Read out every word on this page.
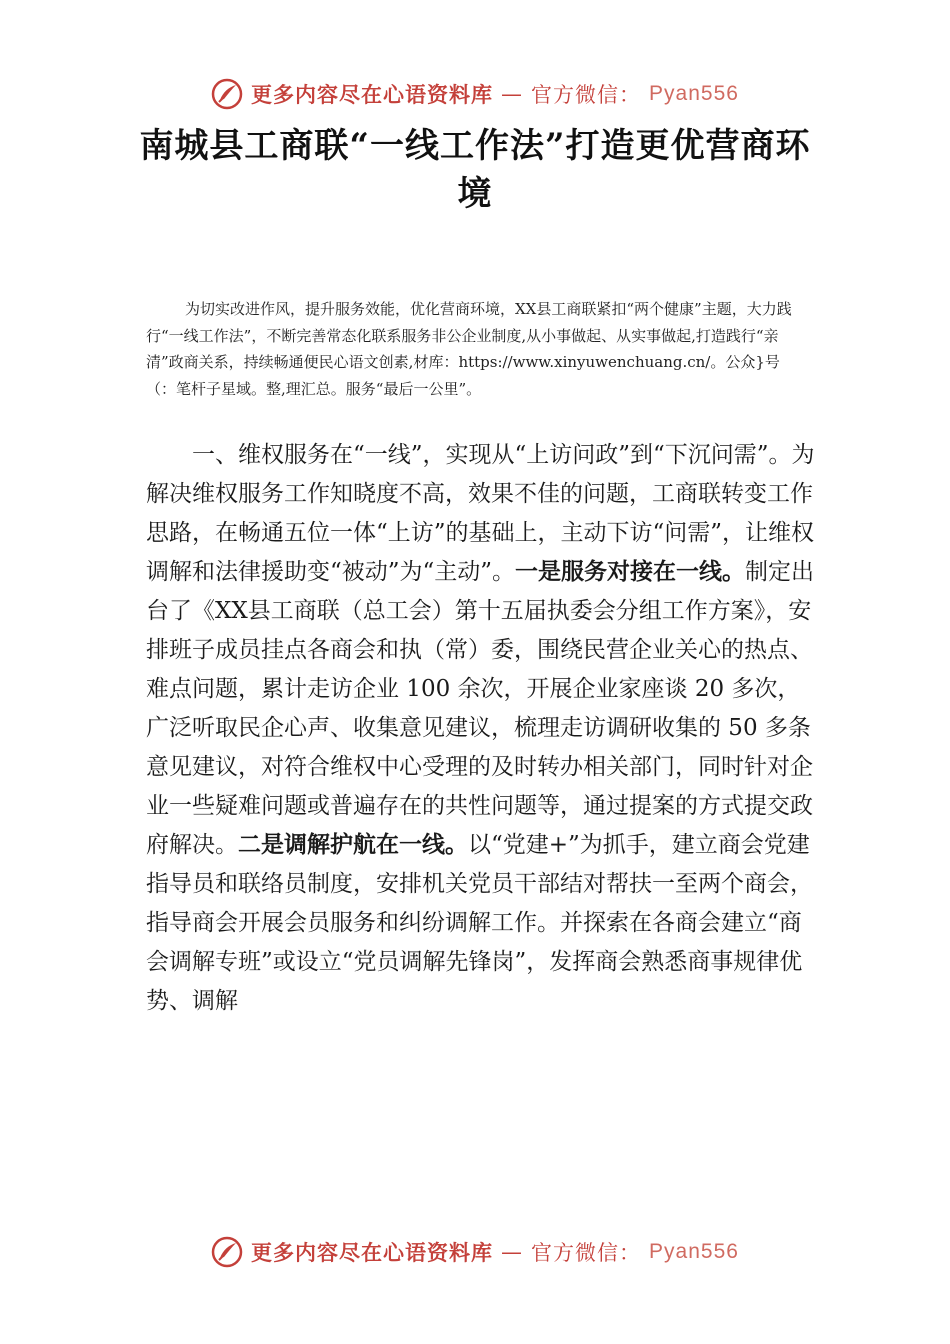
更多内容尽在心语资料库 — 官方微信： Pyan556
南城县工商联“一线工作法”打造更优营商环境

为切实改进作风，提升服务效能，优化营商环境，XX县工商联紧扣“两个健康”主题，大力践行“一线工作法”，不断完善常态化联系服务非公企业制度,从小事做起、从实事做起,打造践行“亲清”政商关系，持续畅通便民心语文创素,材库：https://www.xinyuwenchuang.cn/。公众}号（：笔杆子星域。整,理汇总。服务“最后一公里”。

一、维权服务在“一线”，实现从“上访问政”到“下沉问需”。为解决维权服务工作知晓度不高，效果不佳的问题，工商联转变工作思路，在畅通五位一体“上访”的基础上，主动下访“问需”，让维权调解和法律援助变“被动”为“主动”。一是服务对接在一线。制定出台了《XX县工商联（总工会）第十五届执委会分组工作方案》，安排班子成员挂点各商会和执（常）委，围绕民营企业关心的热点、难点问题，累计走访企业 100 余次，开展企业家座谈 20 多次，广泛听取民企心声、收集意见建议，梳理走访调研收集的 50 多条意见建议，对符合维权中心受理的及时转办相关部门，同时针对企业一些疑难问题或普遍存在的共性问题等，通过提案的方式提交政府解决。二是调解护航在一线。以“党建+”为抓手，建立商会党建指导员和联络员制度，安排机关党员干部结对帮扶一至两个商会，指导商会开展会员服务和纠纷调解工作。并探索在各商会建立“商会调解专班”或设立“党员调解先锋岗”，发挥商会熟悉商事规律优势、调解

更多内容尽在心语资料库 — 官方微信： Pyan556
